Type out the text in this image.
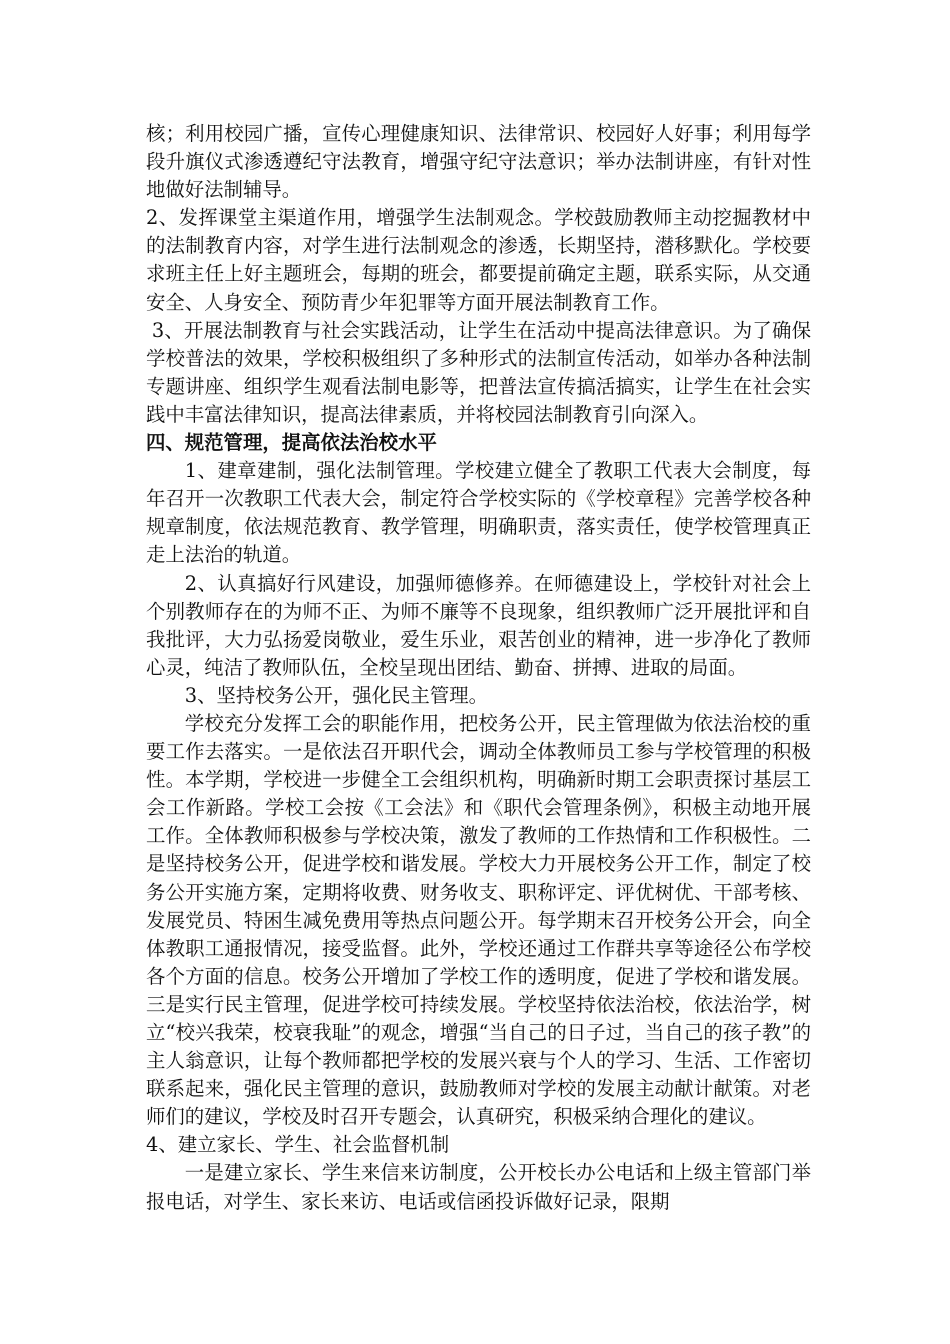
核；利用校园广播，宣传心理健康知识、法律常识、校园好人好事；利用每学段升旗仪式渗透遵纪守法教育，增强守纪守法意识；举办法制讲座，有针对性地做好法制辅导。

2、发挥课堂主渠道作用，增强学生法制观念。学校鼓励教师主动挖掘教材中的法制教育内容，对学生进行法制观念的渗透，长期坚持，潜移默化。学校要求班主任上好主题班会，每期的班会，都要提前确定主题，联系实际，从交通安全、人身安全、预防青少年犯罪等方面开展法制教育工作。

3、开展法制教育与社会实践活动，让学生在活动中提高法律意识。为了确保学校普法的效果，学校积极组织了多种形式的法制宣传活动，如举办各种法制专题讲座、组织学生观看法制电影等，把普法宣传搞活搞实，让学生在社会实践中丰富法律知识，提高法律素质，并将校园法制教育引向深入。

四、规范管理，提高依法治校水平

1、建章建制，强化法制管理。学校建立健全了教职工代表大会制度，每年召开一次教职工代表大会，制定符合学校实际的《学校章程》完善学校各种规章制度，依法规范教育、教学管理，明确职责，落实责任，使学校管理真正走上法治的轨道。

2、认真搞好行风建设，加强师德修养。在师德建设上，学校针对社会上个别教师存在的为师不正、为师不廉等不良现象，组织教师广泛开展批评和自我批评，大力弘扬爱岗敬业，爱生乐业，艰苦创业的精神，进一步净化了教师心灵，纯洁了教师队伍，全校呈现出团结、勤奋、拼搏、进取的局面。

3、坚持校务公开，强化民主管理。

学校充分发挥工会的职能作用，把校务公开，民主管理做为依法治校的重要工作去落实。一是依法召开职代会，调动全体教师员工参与学校管理的积极性。本学期，学校进一步健全工会组织机构，明确新时期工会职责探讨基层工会工作新路。学校工会按《工会法》和《职代会管理条例》，积极主动地开展工作。全体教师积极参与学校决策，激发了教师的工作热情和工作积极性。二是坚持校务公开，促进学校和谐发展。学校大力开展校务公开工作，制定了校务公开实施方案，定期将收费、财务收支、职称评定、评优树优、干部考核、发展党员、特困生减免费用等热点问题公开。每学期末召开校务公开会，向全体教职工通报情况，接受监督。此外，学校还通过工作群共享等途径公布学校各个方面的信息。校务公开增加了学校工作的透明度，促进了学校和谐发展。三是实行民主管理，促进学校可持续发展。学校坚持依法治校，依法治学，树立“校兴我荣，校衰我耻”的观念，增强“当自己的日子过，当自己的孩子教”的主人翁意识，让每个教师都把学校的发展兴衰与个人的学习、生活、工作密切联系起来，强化民主管理的意识，鼓励教师对学校的发展主动献计献策。对老师们的建议，学校及时召开专题会，认真研究，积极采纳合理化的建议。

4、建立家长、学生、社会监督机制

一是建立家长、学生来信来访制度，公开校长办公电话和上级主管部门举报电话，对学生、家长来访、电话或信函投诉做好记录，限期
